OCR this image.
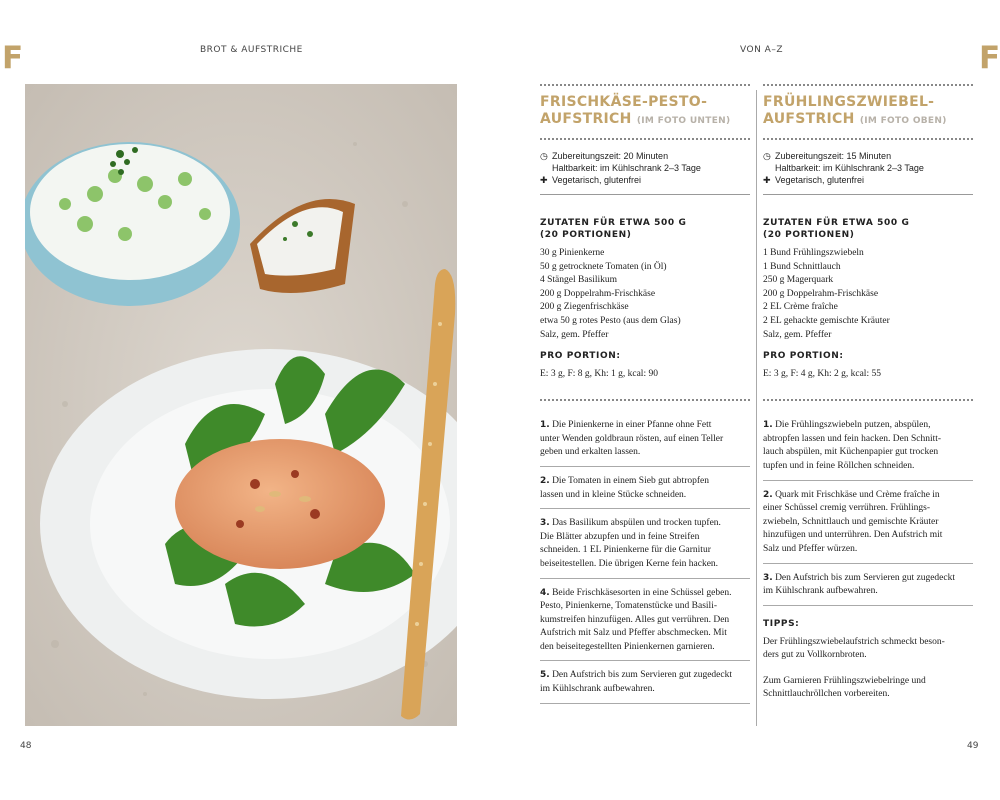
F	F
BROT & AUFSTRICHE	VON A–Z
FRISCHKÄSE-PESTO-
AUFSTRICH (IM FOTO UNTEN)
◷ Zubereitungszeit: 20 Minuten
Haltbarkeit: im Kühlschrank 2–3 Tage
✚ Vegetarisch, glutenfrei
ZUTATEN FÜR ETWA 500 G
(20 PORTIONEN)
30 g Pinienkerne
50 g getrocknete Tomaten (in Öl)
4 Stängel Basilikum
200 g Doppelrahm-Frischkäse
200 g Ziegenfrischkäse
etwa 50 g rotes Pesto (aus dem Glas)
Salz, gem. Pfeffer
PRO PORTION:
E: 3 g, F: 8 g, Kh: 1 g, kcal: 90
1. Die Pinienkerne in einer Pfanne ohne Fett
unter Wenden goldbraun rösten, auf einen Teller
geben und erkalten lassen.
2. Die Tomaten in einem Sieb gut abtropfen
lassen und in kleine Stücke schneiden.
3. Das Basilikum abspülen und trocken tupfen.
Die Blätter abzupfen und in feine Streifen
schneiden. 1 EL Pinienkerne für die Garnitur
beiseitestellen. Die übrigen Kerne fein hacken.
4. Beide Frischkäsesorten in eine Schüssel geben.
Pesto, Pinienkerne, Tomatenstücke und Basili-
kumstreifen hinzufügen. Alles gut verrühren. Den
Aufstrich mit Salz und Pfeffer abschmecken. Mit
den beiseitegestellten Pinienkernen garnieren.
5. Den Aufstrich bis zum Servieren gut zugedeckt
im Kühlschrank aufbewahren.
FRÜHLINGSZWIEBEL-
AUFSTRICH (IM FOTO OBEN)
◷ Zubereitungszeit: 15 Minuten
Haltbarkeit: im Kühlschrank 2–3 Tage
✚ Vegetarisch, glutenfrei
ZUTATEN FÜR ETWA 500 G
(20 PORTIONEN)
1 Bund Frühlingszwiebeln
1 Bund Schnittlauch
250 g Magerquark
200 g Doppelrahm-Frischkäse
2 EL Crème fraîche
2 EL gehackte gemischte Kräuter
Salz, gem. Pfeffer
PRO PORTION:
E: 3 g, F: 4 g, Kh: 2 g, kcal: 55
1. Die Frühlingszwiebeln putzen, abspülen,
abtropfen lassen und fein hacken. Den Schnitt-
lauch abspülen, mit Küchenpapier gut trocken
tupfen und in feine Röllchen schneiden.
2. Quark mit Frischkäse und Crème fraîche in
einer Schüssel cremig verrühren. Frühlings-
zwiebeln, Schnittlauch und gemischte Kräuter
hinzufügen und unterrühren. Den Aufstrich mit
Salz und Pfeffer würzen.
3. Den Aufstrich bis zum Servieren gut zugedeckt
im Kühlschrank aufbewahren.
TIPPS:
Der Frühlingszwiebelaufstrich schmeckt beson-
ders gut zu Vollkornbroten.
Zum Garnieren Frühlingszwiebelringe und
Schnittlauchröllchen vorbereiten.
48	49
